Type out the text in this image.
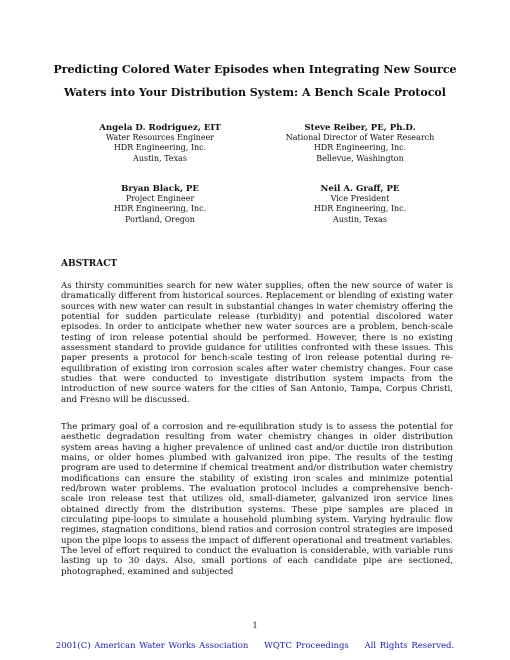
Predicting Colored Water Episodes when Integrating New Source
Waters into Your Distribution System: A Bench Scale Protocol
Angela D. Rodriguez, EIT
Water Resources Engineer
HDR Engineering, Inc.
Austin, Texas
Steve Reiber, PE, Ph.D.
National Director of Water Research
HDR Engineering, Inc.
Bellevue, Washington
Bryan Black, PE
Project Engineer
HDR Engineering, Inc.
Portland, Oregon
Neil A. Graff, PE
Vice President
HDR Engineering, Inc.
Austin, Texas
ABSTRACT

As thirsty communities search for new water supplies, often the new source of water is dramatically different from historical sources. Replacement or blending of existing water sources with new water can result in substantial changes in water chemistry offering the potential for sudden particulate release (turbidity) and potential discolored water episodes. In order to anticipate whether new water sources are a problem, bench-scale testing of iron release potential should be performed. However, there is no existing assessment standard to provide guidance for utilities confronted with these issues. This paper presents a protocol for bench-scale testing of iron release potential during re-equilibration of existing iron corrosion scales after water chemistry changes. Four case studies that were conducted to investigate distribution system impacts from the introduction of new source waters for the cities of San Antonio, Tampa, Corpus Christi, and Fresno will be discussed.

The primary goal of a corrosion and re-equilibration study is to assess the potential for aesthetic degradation resulting from water chemistry changes in older distribution system areas having a higher prevalence of unlined cast and/or ductile iron distribution mains, or older homes plumbed with galvanized iron pipe. The results of the testing program are used to determine if chemical treatment and/or distribution water chemistry modifications can ensure the stability of existing iron scales and minimize potential red/brown water problems. The evaluation protocol includes a comprehensive bench-scale iron release test that utilizes old, small-diameter, galvanized iron service lines obtained directly from the distribution systems. These pipe samples are placed in circulating pipe-loops to simulate a household plumbing system. Varying hydraulic flow regimes, stagnation conditions, blend ratios and corrosion control strategies are imposed upon the pipe loops to assess the impact of different operational and treatment variables. The level of effort required to conduct the evaluation is considerable, with variable runs lasting up to 30 days. Also, small portions of each candidate pipe are sectioned, photographed, examined and subjected

1
2001(C) American Water Works Association WQTC Proceedings All Rights Reserved.
